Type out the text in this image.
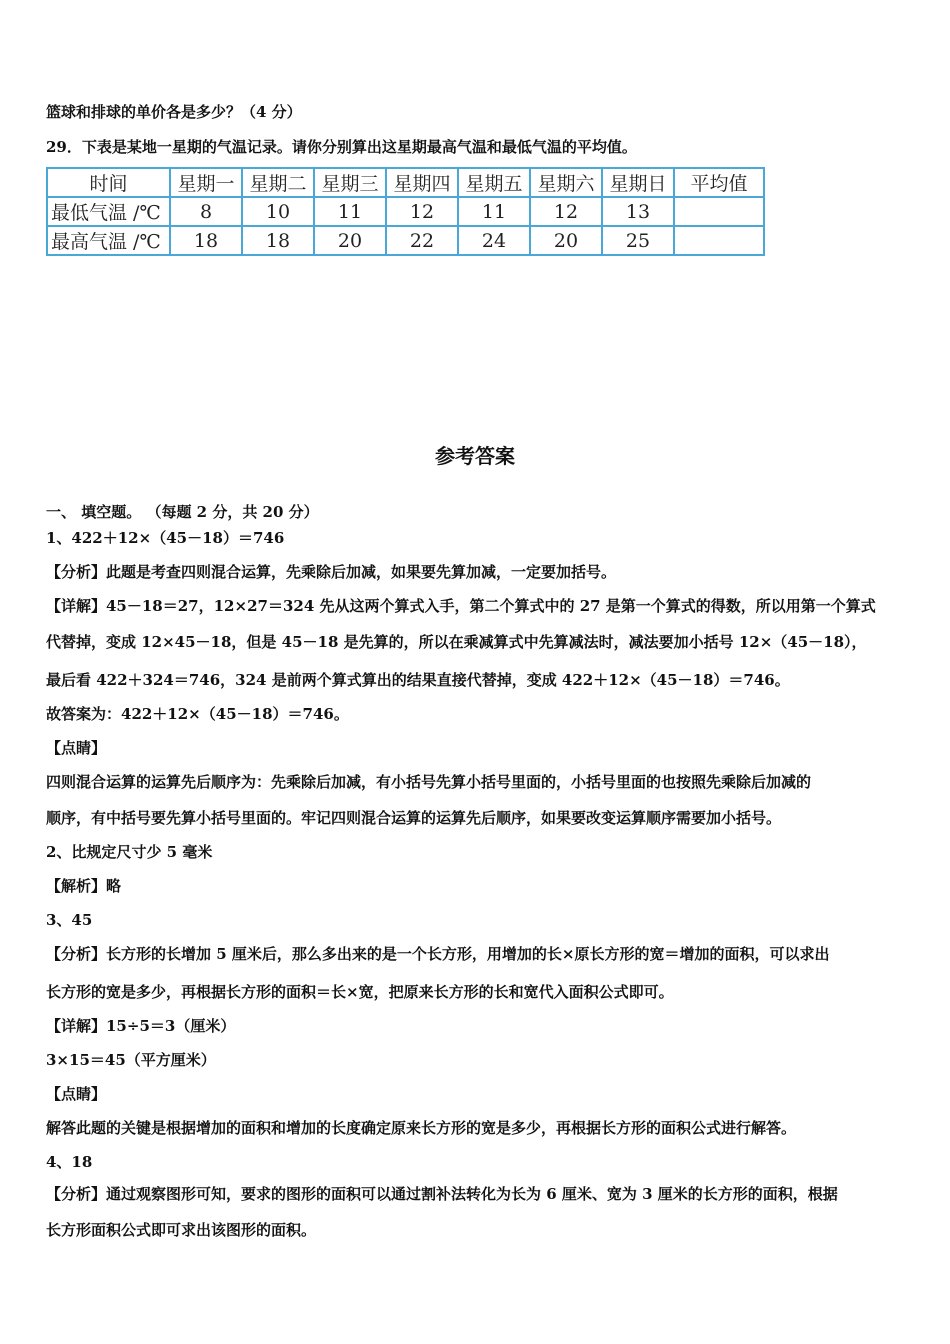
篮球和排球的单价各是多少？（4 分）
29．下表是某地一星期的气温记录。请你分别算出这星期最高气温和最低气温的平均值。
时间	星期一	星期二	星期三	星期四	星期五	星期六	星期日	平均值
最低气温 /℃	8	10	11	12	11	12	13	
最高气温 /℃	18	18	20	22	24	20	25	
参考答案
一、 填空题。 （每题 2 分，共 20 分）
1、422＋12×（45－18）＝746
【分析】此题是考查四则混合运算，先乘除后加减，如果要先算加减，一定要加括号。
【详解】45－18＝27，12×27＝324 先从这两个算式入手，第二个算式中的 27 是第一个算式的得数，所以用第一个算式
代替掉，变成 12×45－18，但是 45－18 是先算的，所以在乘减算式中先算减法时，减法要加小括号 12×（45－18），
最后看 422＋324＝746，324 是前两个算式算出的结果直接代替掉，变成 422＋12×（45－18）＝746。
故答案为：422＋12×（45－18）＝746。
【点睛】
四则混合运算的运算先后顺序为：先乘除后加减，有小括号先算小括号里面的，小括号里面的也按照先乘除后加减的
顺序，有中括号要先算小括号里面的。牢记四则混合运算的运算先后顺序，如果要改变运算顺序需要加小括号。
2、比规定尺寸少 5 毫米
【解析】略
3、45
【分析】长方形的长增加 5 厘米后，那么多出来的是一个长方形，用增加的长×原长方形的宽＝增加的面积，可以求出
长方形的宽是多少，再根据长方形的面积＝长×宽，把原来长方形的长和宽代入面积公式即可。
【详解】15÷5＝3（厘米）
3×15＝45（平方厘米）
【点睛】
解答此题的关键是根据增加的面积和增加的长度确定原来长方形的宽是多少，再根据长方形的面积公式进行解答。
4、18
【分析】通过观察图形可知，要求的图形的面积可以通过割补法转化为长为 6 厘米、宽为 3 厘米的长方形的面积，根据
长方形面积公式即可求出该图形的面积。
